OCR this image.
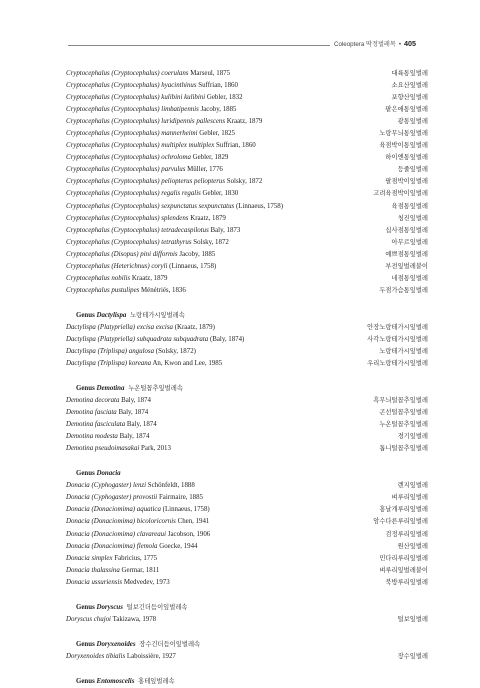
Coleoptera 딱정벌레목 • 405
Cryptocephalus (Cryptocephalus) coerulans Marseul, 1875	대륙통잎벌레
Cryptocephalus (Cryptocephalus) hyacinthinus Suffrian, 1860	소요산잎벌레
Cryptocephalus (Cryptocephalus) kulibini kulibini Gebler, 1832	포향산잎벌레
Cryptocephalus (Cryptocephalus) limbatipennis Jacoby, 1885	팥은애통잎벌레
Cryptocephalus (Cryptocephalus) luridipennis pallescens Kraatz, 1879	광통잎벌레
Cryptocephalus (Cryptocephalus) mannerheimi Gebler, 1825	노랑무늬통잎벌레
Cryptocephalus (Cryptocephalus) multiplex multiplex Suffrian, 1860	육점박이통잎벌레
Cryptocephalus (Cryptocephalus) ochroloma Gebler, 1829	하이엔통잎벌레
Cryptocephalus (Cryptocephalus) parvulus Müller, 1776	등줄잎벌레
Cryptocephalus (Cryptocephalus) peliopterus peliopterus Solsky, 1872	팔점박이잎벌레
Cryptocephalus (Cryptocephalus) regalis regalis Gebler, 1830	고려육점박이잎벌레
Cryptocephalus (Cryptocephalus) sexpunctatus sexpunctatus (Linnaeus, 1758)	육점통잎벌레
Cryptocephalus (Cryptocephalus) splendens Kraatz, 1879	청진잎벌레
Cryptocephalus (Cryptocephalus) tetradecaspilotus Baly, 1873	십사점통잎벌레
Cryptocephalus (Cryptocephalus) tetrathyrus Solsky, 1872	아무르잎벌레
Cryptocephalus (Disopus) pini difformis Jacoby, 1885	예쁘점통잎벌레
Cryptocephalus (Heterichnus) coryli (Linnaeus, 1758)	부전잎벌레붙이
Cryptocephalus nobilis Kraatz, 1879	네점통잎벌레
Cryptocephalus pustulipes Ménétriés, 1836	두점가슴통잎벌레
Genus Dactylispa 노랑테가시잎벌레속
Dactylispa (Platypriella) excisa excisa (Kraatz, 1879)	안장노랑테가시잎벌레
Dactylispa (Platypriella) subquadrata subquadrata (Baly, 1874)	사각노랑테가시잎벌레
Dactylispa (Triplispa) angulosa (Solsky, 1872)	노랑테가시잎벌레
Dactylispa (Triplispa) koreana An, Kwon and Lee, 1985	우리노랑테가시잎벌레
Genus Demotina 누온털꼽추잎벌레속
Demotina decorata Baly, 1874	흑무늬털꼽추잎벌레
Demotina fasciata Baly, 1874	곤선털꼽추잎벌레
Demotina fasciculata Baly, 1874	누온털꼽추잎벌레
Demotina modesta Baly, 1874	경기잎벌레
Demotina pseudoimasakai Park, 2013	톱니털꼽추잎벌레
Genus Donacia
Donacia (Cyphogaster) lenzi Schönfeldt, 1888	렌지잎벌레
Donacia (Cyphogaster) provostii Fairmaire, 1885	벼루리잎벌레
Donacia (Donaciomima) aquatica (Linnaeus, 1758)	홍날개루리잎벌레
Donacia (Donaciomima) bicoloricornis Chen, 1941	암수다른루리잎벌레
Donacia (Donaciomima) clavareaui Jacobson, 1906	검정루리잎벌레
Donacia (Donaciomima) flemola Goecke, 1944	원산잎벌레
Donacia simplex Fabricius, 1775	민다리루리잎벌레
Donacia thalassina Germar, 1811	벼루리잎벌레붙이
Donacia ussuriensis Medvedev, 1973	북방루리잎벌레
Genus Doryscus 털보긴더듬이잎벌레속
Doryscus chujoi Takizawa, 1978	털보잎벌레
Genus Doryxenoides 장수긴더듬이잎벌레속
Doryxenoides tibialis Laboissière, 1927	장수잎벌레
Genus Entomoscelis 홍테잎벌레속
